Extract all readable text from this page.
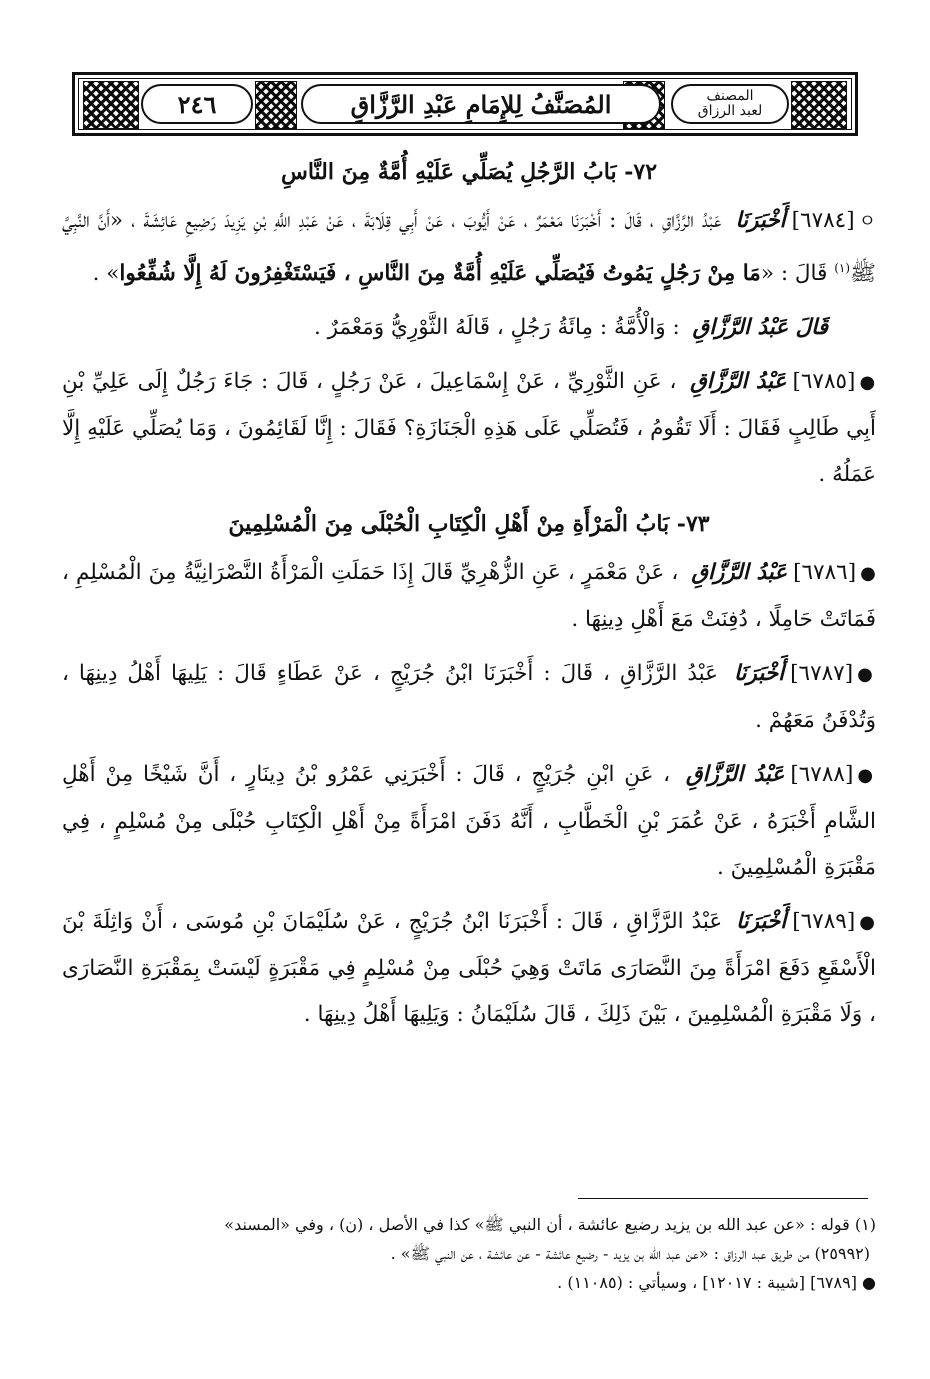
٢٤٦	المُصَنَّفُ لِلإِمَامِ عَبْدِ الرَّزَّاقِ	المصنف
لعبد الرزاق
٧٢- بَابُ الرَّجُلِ يُصَلِّي عَلَيْهِ أُمَّةٌ مِنَ النَّاسِ

ㅇ[٦٧٨٤]أَخْبَرَنَا عَبْدُ الرَّزَّاقِ ، قَالَ : أَخْبَرَنَا مَعْمَرٌ ، عَنْ أَيُّوبَ ، عَنْ أَبِي قِلَابَةَ ، عَنْ عَبْدِ اللَّهِ بْنِ يَزِيدَ رَضِيعِ عَائِشَةَ ، «أَنَّ النَّبِيَّ ﷺ$^{(١)}$ قَالَ : «مَا مِنْ رَجُلٍ يَمُوتُ فَيُصَلِّي عَلَيْهِ أُمَّةٌ مِنَ النَّاسِ ، فَيَسْتَغْفِرُونَ لَهُ إِلَّا شُفِّعُوا» .

قَالَ عَبْدُ الرَّزَّاقِ : وَالْأُمَّةُ : مِائَةُ رَجُلٍ ، قَالَهُ الثَّوْرِيُّ وَمَعْمَرٌ .

●[٦٧٨٥]عَبْدُ الرَّزَّاقِ ، عَنِ الثَّوْرِيِّ ، عَنْ إِسْمَاعِيلَ ، عَنْ رَجُلٍ ، قَالَ : جَاءَ رَجُلٌ إِلَى عَلِيِّ بْنِ أَبِي طَالِبٍ فَقَالَ : أَلَا تَقُومُ ، فَتُصَلِّي عَلَى هَذِهِ الْجَنَازَةِ؟ فَقَالَ : إِنَّا لَقَائِمُونَ ، وَمَا يُصَلِّي عَلَيْهِ إِلَّا عَمَلُهُ .

٧٣- بَابُ الْمَرْأَةِ مِنْ أَهْلِ الْكِتَابِ الْحُبْلَى مِنَ الْمُسْلِمِينَ

●[٦٧٨٦]عَبْدُ الرَّزَّاقِ ، عَنْ مَعْمَرٍ ، عَنِ الزُّهْرِيِّ قَالَ إِذَا حَمَلَتِ الْمَرْأَةُ النَّصْرَانِيَّةُ مِنَ الْمُسْلِمِ ، فَمَاتَتْ حَامِلًا ، دُفِنَتْ مَعَ أَهْلِ دِينِهَا .

●[٦٧٨٧]أَخْبَرَنَا عَبْدُ الرَّزَّاقِ ، قَالَ : أَخْبَرَنَا ابْنُ جُرَيْجٍ ، عَنْ عَطَاءٍ قَالَ : يَلِيهَا أَهْلُ دِينِهَا ، وَتُدْفَنُ مَعَهُمْ .

●[٦٧٨٨]عَبْدُ الرَّزَّاقِ ، عَنِ ابْنِ جُرَيْجٍ ، قَالَ : أَخْبَرَنِي عَمْرُو بْنُ دِينَارٍ ، أَنَّ شَيْخًا مِنْ أَهْلِ الشَّامِ أَخْبَرَهُ ، عَنْ عُمَرَ بْنِ الْخَطَّابِ ، أَنَّهُ دَفَنَ امْرَأَةً مِنْ أَهْلِ الْكِتَابِ حُبْلَى مِنْ مُسْلِمٍ ، فِي مَقْبَرَةِ الْمُسْلِمِينَ .

●[٦٧٨٩]أَخْبَرَنَا عَبْدُ الرَّزَّاقِ ، قَالَ : أَخْبَرَنَا ابْنُ جُرَيْجٍ ، عَنْ سُلَيْمَانَ بْنِ مُوسَى ، أَنْ وَاثِلَةَ بْنَ الْأَسْقَعِ دَفَعَ امْرَأَةً مِنَ النَّصَارَى مَاتَتْ وَهِيَ حُبْلَى مِنْ مُسْلِمٍ فِي مَقْبَرَةٍ لَيْسَتْ بِمَقْبَرَةِ النَّصَارَى ، وَلَا مَقْبَرَةِ الْمُسْلِمِينَ ، بَيْنَ ذَلِكَ ، قَالَ سُلَيْمَانُ : وَيَلِيهَا أَهْلُ دِينِهَا .

(١) قوله : «عن عبد الله بن يزيد رضيع عائشة ، أن النبي ﷺ» كذا في الأصل ، (ن) ، وفي «المسند»

(٢٥٩٩٢) من طريق عبد الرزاق : «عن عبد الله بن يزيد - رضيع عائشة - عن عائشة ، عن النبي ﷺ» .

● [٦٧٨٩] [شيبة : ١٢٠١٧] ، وسيأتي : (١١٠٨٥) .
